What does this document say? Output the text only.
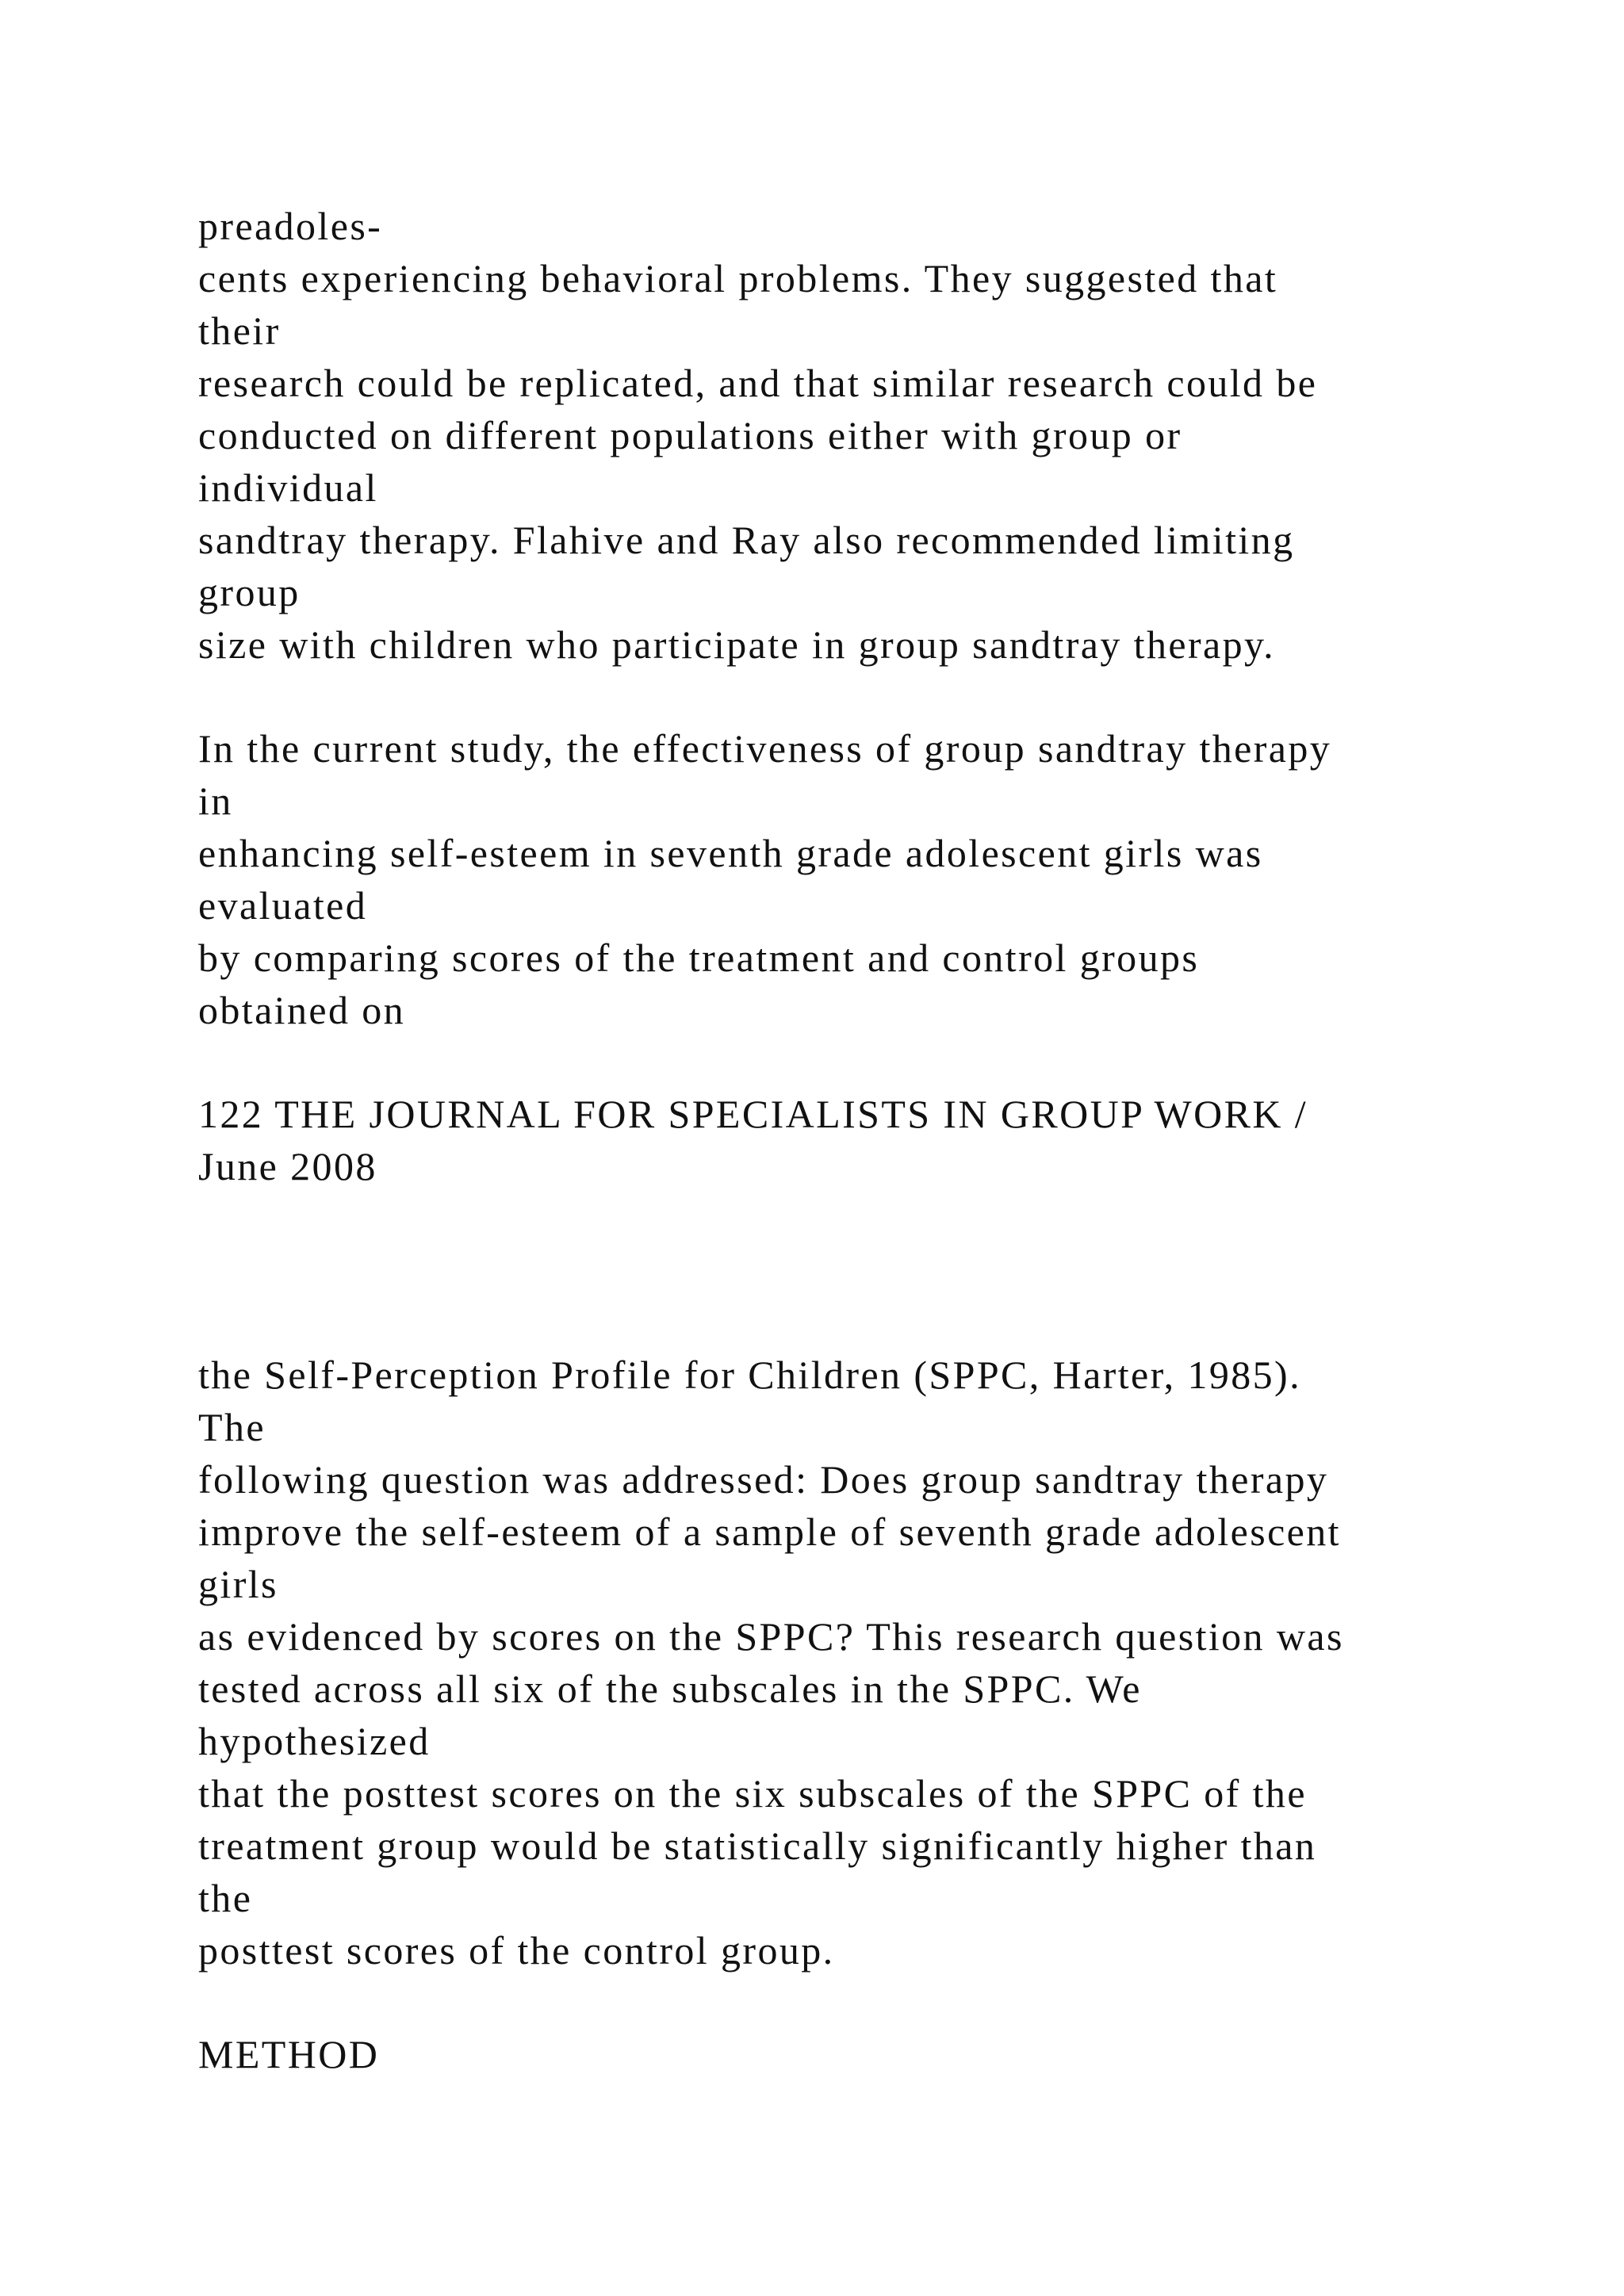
preadoles-

cents experiencing behavioral problems. They suggested that

their

research could be replicated, and that similar research could be

conducted on different populations either with group or

individual

sandtray therapy. Flahive and Ray also recommended limiting

group

size with children who participate in group sandtray therapy.

In the current study, the effectiveness of group sandtray therapy

in

enhancing self-esteem in seventh grade adolescent girls was

evaluated

by comparing scores of the treatment and control groups

obtained on

122 THE JOURNAL FOR SPECIALISTS IN GROUP WORK /

June 2008

the Self-Perception Profile for Children (SPPC, Harter, 1985).

The

following question was addressed: Does group sandtray therapy

improve the self-esteem of a sample of seventh grade adolescent

girls

as evidenced by scores on the SPPC? This research question was

tested across all six of the subscales in the SPPC. We

hypothesized

that the posttest scores on the six subscales of the SPPC of the

treatment group would be statistically significantly higher than

the

posttest scores of the control group.

METHOD
